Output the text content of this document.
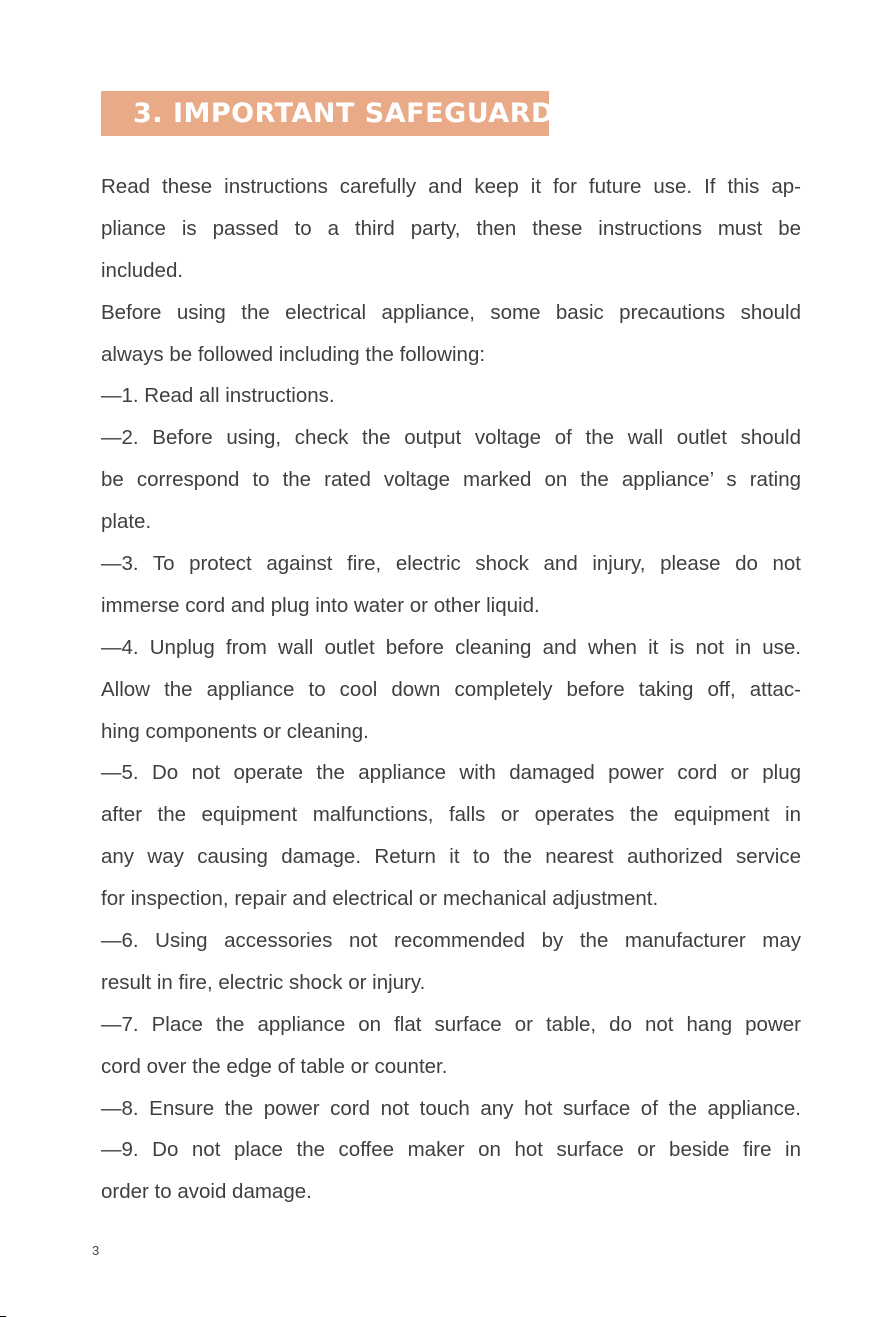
3. IMPORTANT SAFEGUARDS
Read these instructions carefully and keep it for future use. If this ap-
pliance is passed to a third party, then these instructions must be
included.
Before using the electrical appliance, some basic precautions should
always be followed including the following:
—1. Read all instructions.
—2. Before using, check the output voltage of the wall outlet should
be correspond to the rated voltage marked on the appliance’ s rating
plate.
—3. To protect against fire, electric shock and injury, please do not
immerse cord and plug into water or other liquid.
—4. Unplug from wall outlet before cleaning and when it is not in use.
Allow the appliance to cool down completely before taking off, attac-
hing components or cleaning.
—5. Do not operate the appliance with damaged power cord or plug
after the equipment malfunctions, falls or operates the equipment in
any way causing damage. Return it to the nearest authorized service
for inspection, repair and electrical or mechanical adjustment.
—6. Using accessories not recommended by the manufacturer may
result in fire, electric shock or injury.
—7. Place the appliance on flat surface or table, do not hang power
cord over the edge of table or counter.
—8. Ensure the power cord not touch any hot surface of the appliance.
—9. Do not place the coffee maker on hot surface or beside fire in
order to avoid damage.
3
